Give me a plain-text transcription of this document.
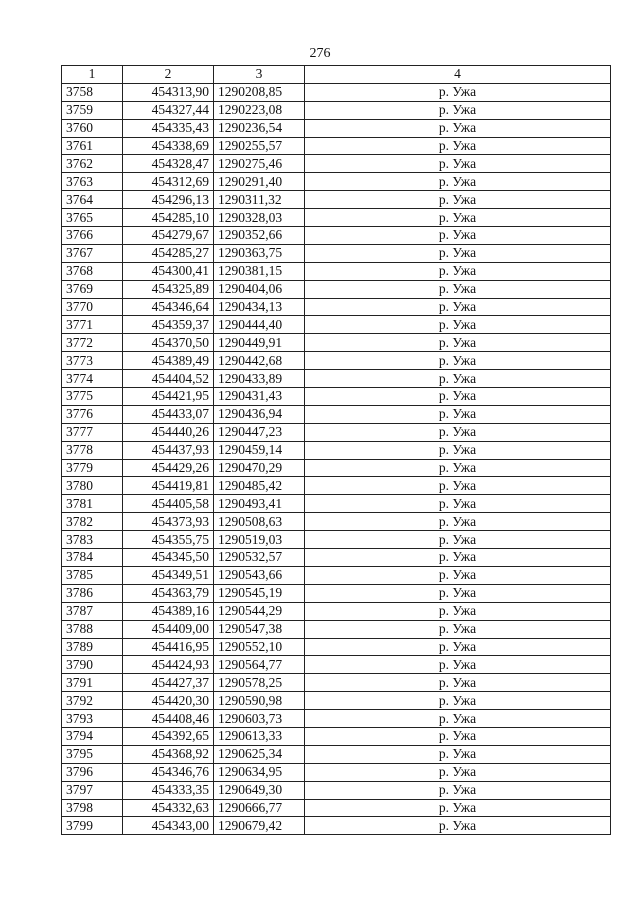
276
1	2	3	4
3758	454313,90	1290208,85	р. Ужа
3759	454327,44	1290223,08	р. Ужа
3760	454335,43	1290236,54	р. Ужа
3761	454338,69	1290255,57	р. Ужа
3762	454328,47	1290275,46	р. Ужа
3763	454312,69	1290291,40	р. Ужа
3764	454296,13	1290311,32	р. Ужа
3765	454285,10	1290328,03	р. Ужа
3766	454279,67	1290352,66	р. Ужа
3767	454285,27	1290363,75	р. Ужа
3768	454300,41	1290381,15	р. Ужа
3769	454325,89	1290404,06	р. Ужа
3770	454346,64	1290434,13	р. Ужа
3771	454359,37	1290444,40	р. Ужа
3772	454370,50	1290449,91	р. Ужа
3773	454389,49	1290442,68	р. Ужа
3774	454404,52	1290433,89	р. Ужа
3775	454421,95	1290431,43	р. Ужа
3776	454433,07	1290436,94	р. Ужа
3777	454440,26	1290447,23	р. Ужа
3778	454437,93	1290459,14	р. Ужа
3779	454429,26	1290470,29	р. Ужа
3780	454419,81	1290485,42	р. Ужа
3781	454405,58	1290493,41	р. Ужа
3782	454373,93	1290508,63	р. Ужа
3783	454355,75	1290519,03	р. Ужа
3784	454345,50	1290532,57	р. Ужа
3785	454349,51	1290543,66	р. Ужа
3786	454363,79	1290545,19	р. Ужа
3787	454389,16	1290544,29	р. Ужа
3788	454409,00	1290547,38	р. Ужа
3789	454416,95	1290552,10	р. Ужа
3790	454424,93	1290564,77	р. Ужа
3791	454427,37	1290578,25	р. Ужа
3792	454420,30	1290590,98	р. Ужа
3793	454408,46	1290603,73	р. Ужа
3794	454392,65	1290613,33	р. Ужа
3795	454368,92	1290625,34	р. Ужа
3796	454346,76	1290634,95	р. Ужа
3797	454333,35	1290649,30	р. Ужа
3798	454332,63	1290666,77	р. Ужа
3799	454343,00	1290679,42	р. Ужа
